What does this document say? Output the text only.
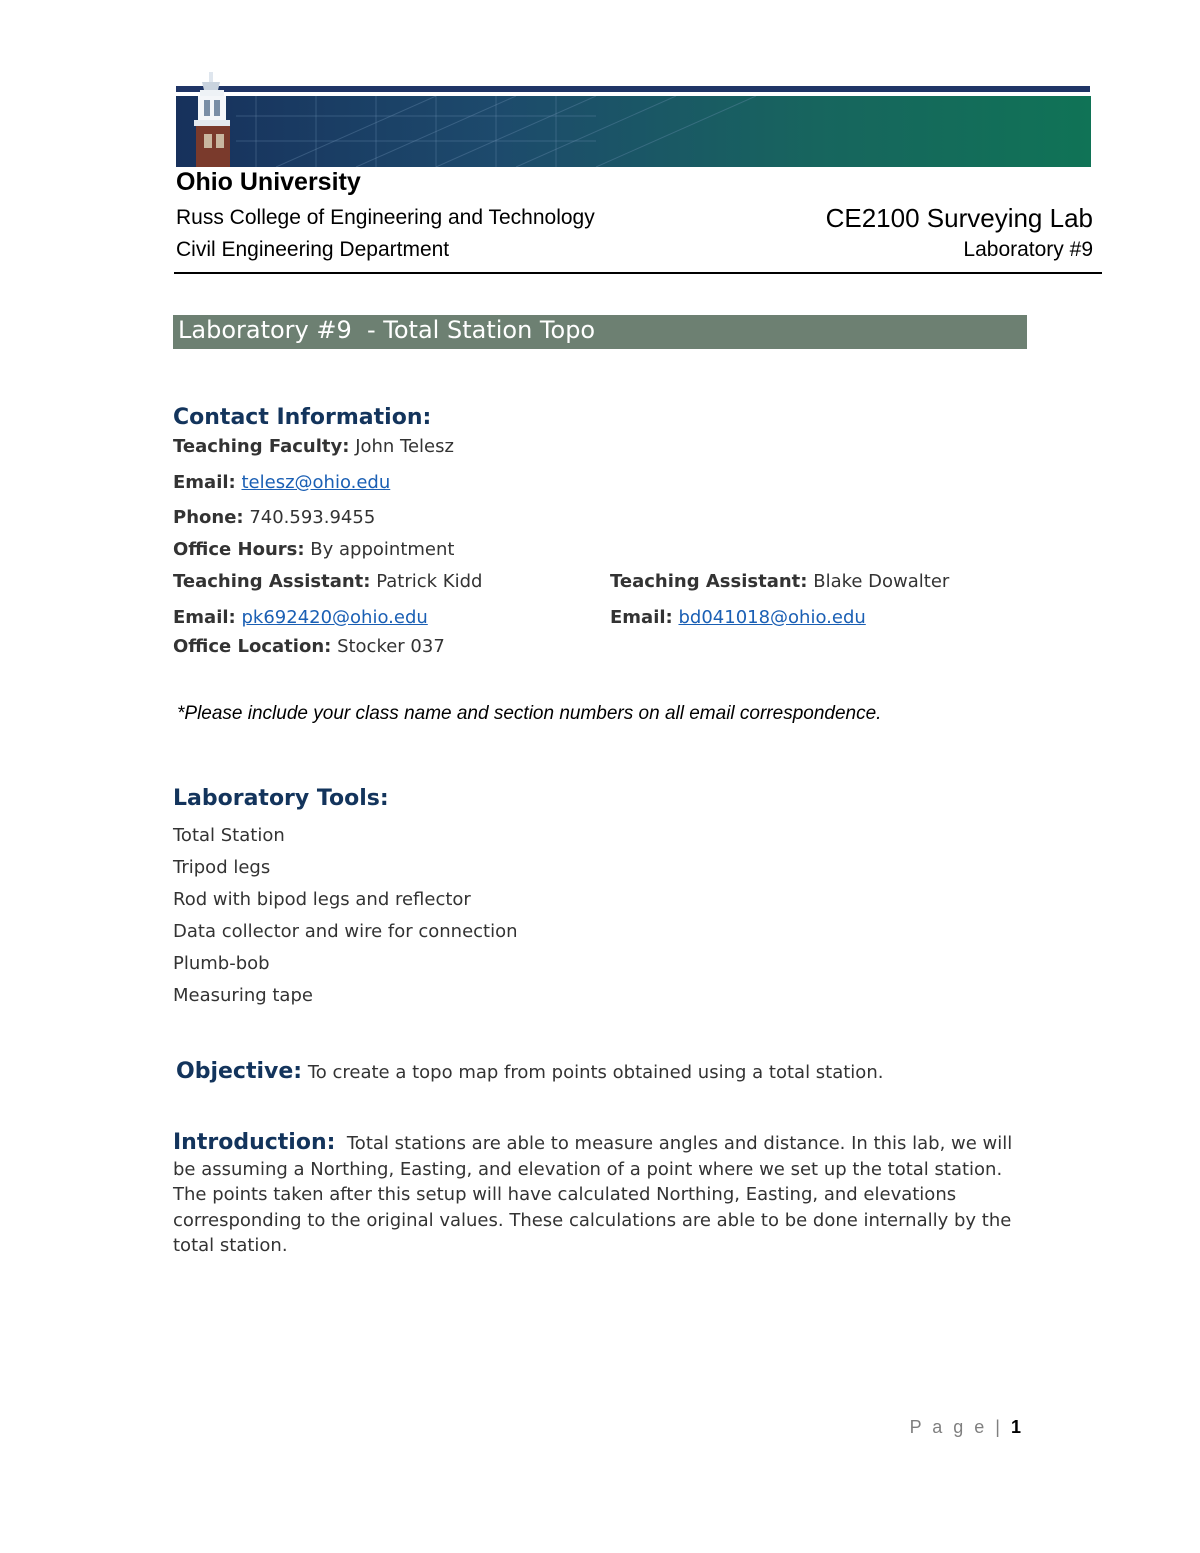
Ohio University
Russ College of Engineering and Technology
Civil Engineering Department
CE2100 Surveying Lab
Laboratory #9
Laboratory #9  - Total Station Topo
Contact Information:
Teaching Faculty: John Telesz
Email: telesz@ohio.edu
Phone: 740.593.9455
Office Hours: By appointment
Teaching Assistant: Patrick Kidd	Teaching Assistant: Blake Dowalter
Email: pk692420@ohio.edu	Email: bd041018@ohio.edu
Office Location: Stocker 037
*Please include your class name and section numbers on all email correspondence.
Laboratory Tools:
Total Station
Tripod legs
Rod with bipod legs and reflector
Data collector and wire for connection
Plumb-bob
Measuring tape
Objective: To create a topo map from points obtained using a total station.
Introduction: Total stations are able to measure angles and distance. In this lab, we will be assuming a Northing, Easting, and elevation of a point where we set up the total station. The points taken after this setup will have calculated Northing, Easting, and elevations corresponding to the original values. These calculations are able to be done internally by the total station.
P a g e | 1
